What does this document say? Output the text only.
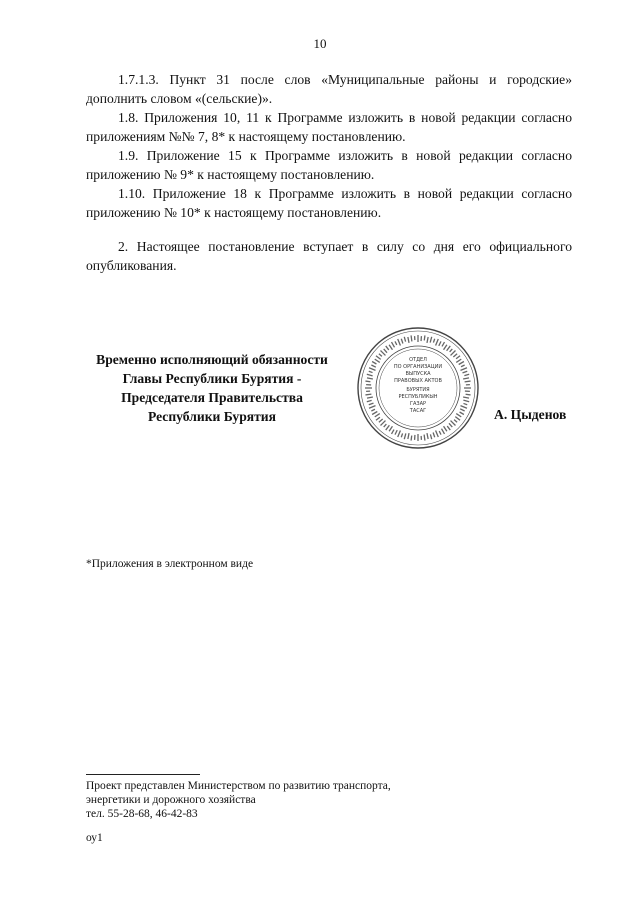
10

1.7.1.3. Пункт 31 после слов «Муниципальные районы и городские» дополнить словом «(сельские)».

1.8. Приложения 10, 11 к Программе изложить в новой редакции согласно приложениям №№ 7, 8* к настоящему постановлению.

1.9. Приложение 15 к Программе изложить в новой редакции согласно приложению № 9* к настоящему постановлению.

1.10. Приложение 18 к Программе изложить в новой редакции согласно приложению № 10* к настоящему постановлению.

2. Настоящее постановление вступает в силу со дня его официального опубликования.

Временно исполняющий обязанности
Главы Республики Бурятия -
Председателя Правительства
Республики Бурятия
ОТДЕЛ
ПО ОРГАНИЗАЦИИ
ВЫПУСКА
ПРАВОВЫХ АКТОВ
БУРЯТИЯ
РЕСПУБЛИКЫН
ГАЗАР
ТАСАГ	А. Цыденов
*Приложения в электронном виде
Проект представлен Министерством по развитию транспорта,
энергетики и дорожного хозяйства
тел. 55-28-68, 46-42-83
оу1
